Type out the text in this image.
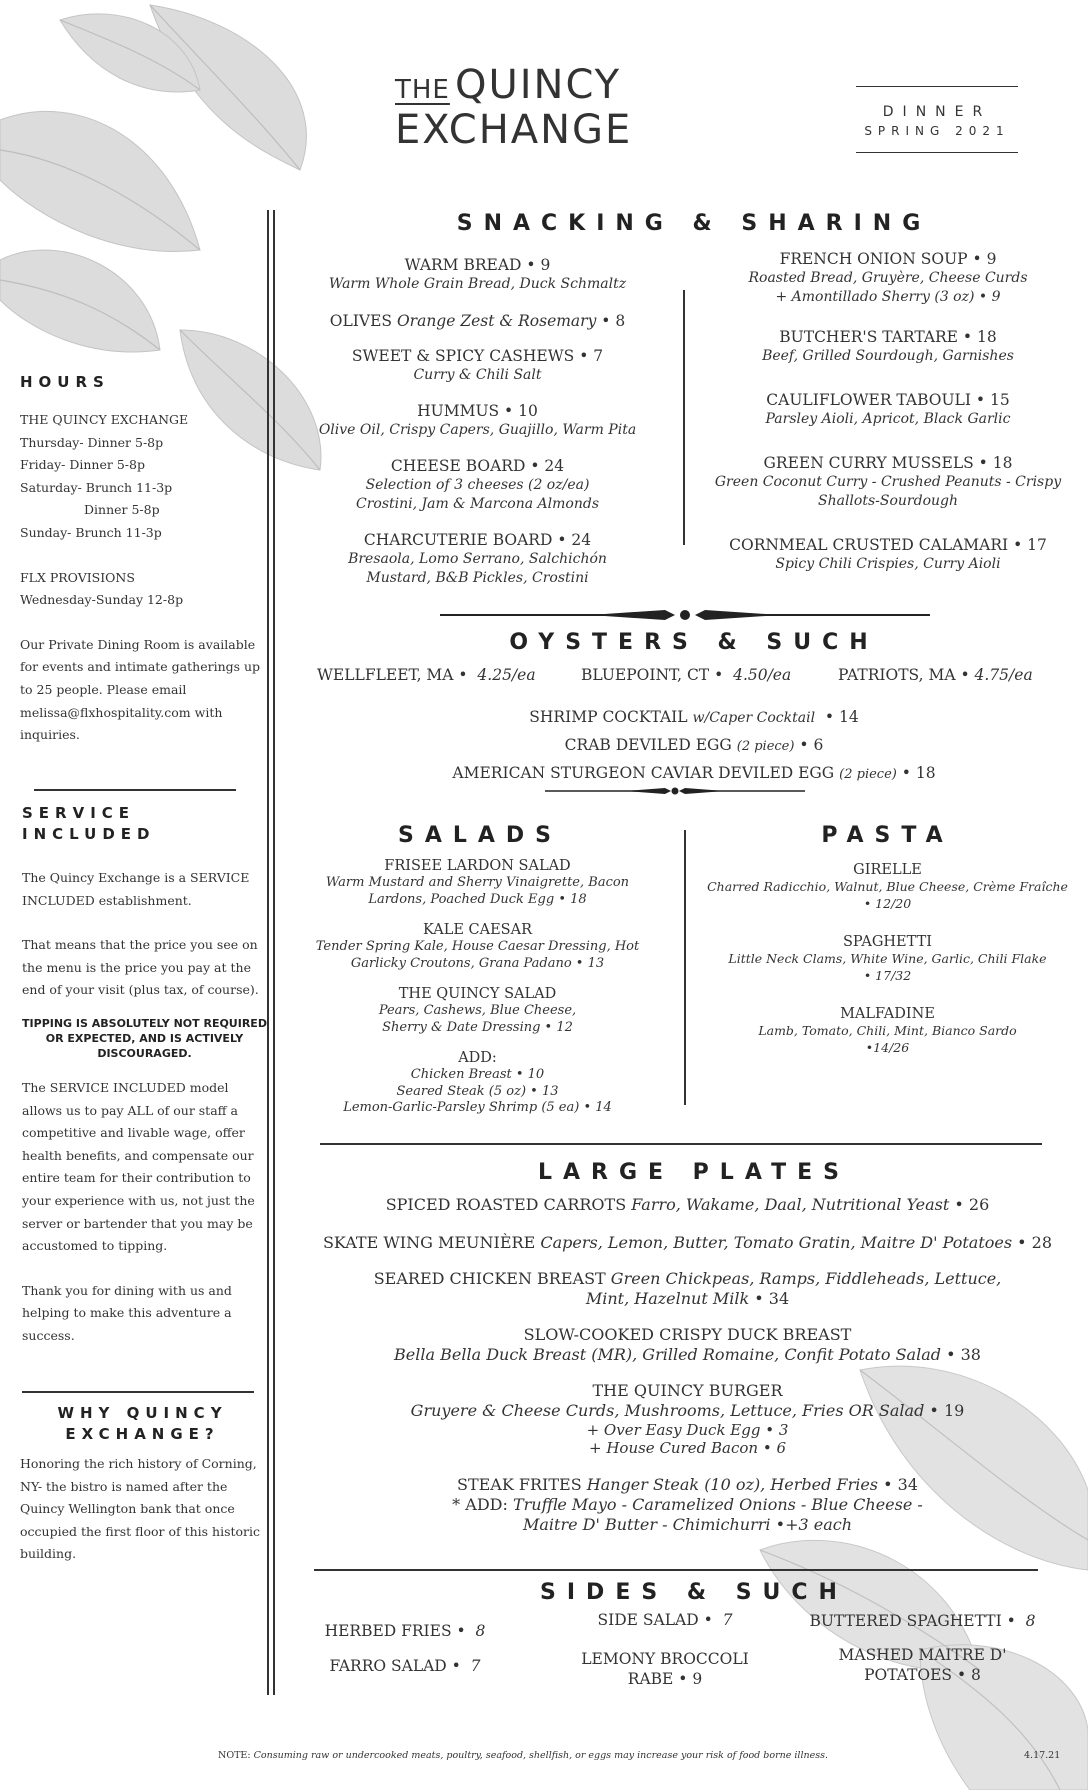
THE QUINCY
EXCHANGE	DINNER
SPRING 2021
HOURS
THE QUINCY EXCHANGE
Thursday- Dinner 5-8p
Friday- Dinner 5-8p
Saturday- Brunch 11-3p
Dinner 5-8p
Sunday- Brunch 11-3p
FLX PROVISIONS
Wednesday-Sunday 12-8p
Our Private Dining Room is available for events and intimate gatherings up to 25 people. Please email melissa@flxhospitality.com with inquiries.
SERVICE
INCLUDED
The Quincy Exchange is a SERVICE INCLUDED establishment.
That means that the price you see on the menu is the price you pay at the end of your visit (plus tax, of course).
TIPPING IS ABSOLUTELY NOT REQUIRED OR EXPECTED, AND IS ACTIVELY DISCOURAGED.
The SERVICE INCLUDED model allows us to pay ALL of our staff a competitive and livable wage, offer health benefits, and compensate our entire team for their contribution to your experience with us, not just the server or bartender that you may be accustomed to tipping.
Thank you for dining with us and helping to make this adventure a success.
WHY QUINCY
EXCHANGE?
Honoring the rich history of Corning, NY- the bistro is named after the Quincy Wellington bank that once occupied the first floor of this historic building.
SNACKING & SHARING
WARM BREAD • 9
Warm Whole Grain Bread, Duck Schmaltz
OLIVES Orange Zest & Rosemary • 8
SWEET & SPICY CASHEWS • 7
Curry & Chili Salt
HUMMUS • 10
Olive Oil, Crispy Capers, Guajillo, Warm Pita
CHEESE BOARD • 24
Selection of 3 cheeses (2 oz/ea)
Crostini, Jam & Marcona Almonds
CHARCUTERIE BOARD • 24
Bresaola, Lomo Serrano, Salchichón
Mustard, B&B Pickles, Crostini
FRENCH ONION SOUP • 9
Roasted Bread, Gruyère, Cheese Curds
+ Amontillado Sherry (3 oz) • 9
BUTCHER'S TARTARE • 18
Beef, Grilled Sourdough, Garnishes
CAULIFLOWER TABOULI • 15
Parsley Aioli, Apricot, Black Garlic
GREEN CURRY MUSSELS • 18
Green Coconut Curry - Crushed Peanuts - Crispy
Shallots-Sourdough
CORNMEAL CRUSTED CALAMARI • 17
Spicy Chili Crispies, Curry Aioli
OYSTERS & SUCH
WELLFLEET, MA • 4.25/ea	BLUEPOINT, CT • 4.50/ea	PATRIOTS, MA • 4.75/ea
SHRIMP COCKTAIL w/Caper Cocktail • 14
CRAB DEVILED EGG (2 piece) • 6
AMERICAN STURGEON CAVIAR DEVILED EGG (2 piece) • 18
SALADS
FRISEE LARDON SALAD
Warm Mustard and Sherry Vinaigrette, Bacon
Lardons, Poached Duck Egg • 18
KALE CAESAR
Tender Spring Kale, House Caesar Dressing, Hot
Garlicky Croutons, Grana Padano • 13
THE QUINCY SALAD
Pears, Cashews, Blue Cheese,
Sherry & Date Dressing • 12
ADD:
Chicken Breast • 10
Seared Steak (5 oz) • 13
Lemon-Garlic-Parsley Shrimp (5 ea) • 14
PASTA
GIRELLE
Charred Radicchio, Walnut, Blue Cheese, Crème Fraîche
• 12/20
SPAGHETTI
Little Neck Clams, White Wine, Garlic, Chili Flake
• 17/32
MALFADINE
Lamb, Tomato, Chili, Mint, Bianco Sardo
•14/26
LARGE PLATES
SPICED ROASTED CARROTS Farro, Wakame, Daal, Nutritional Yeast • 26
SKATE WING MEUNIÈRE Capers, Lemon, Butter, Tomato Gratin, Maitre D' Potatoes • 28
SEARED CHICKEN BREAST Green Chickpeas, Ramps, Fiddleheads, Lettuce,
Mint, Hazelnut Milk • 34
SLOW-COOKED CRISPY DUCK BREAST
Bella Bella Duck Breast (MR), Grilled Romaine, Confit Potato Salad • 38
THE QUINCY BURGER
Gruyere & Cheese Curds, Mushrooms, Lettuce, Fries OR Salad • 19
+ Over Easy Duck Egg • 3
+ House Cured Bacon • 6
STEAK FRITES Hanger Steak (10 oz), Herbed Fries • 34
* ADD: Truffle Mayo - Caramelized Onions - Blue Cheese -
Maitre D' Butter - Chimichurri •+3 each
SIDES & SUCH
HERBED FRIES • 8
FARRO SALAD • 7
SIDE SALAD • 7
LEMONY BROCCOLI
RABE • 9
BUTTERED SPAGHETTI • 8
MASHED MAITRE D'
POTATOES • 8
NOTE: Consuming raw or undercooked meats, poultry, seafood, shellfish, or eggs may increase your risk of food borne illness.	4.17.21
